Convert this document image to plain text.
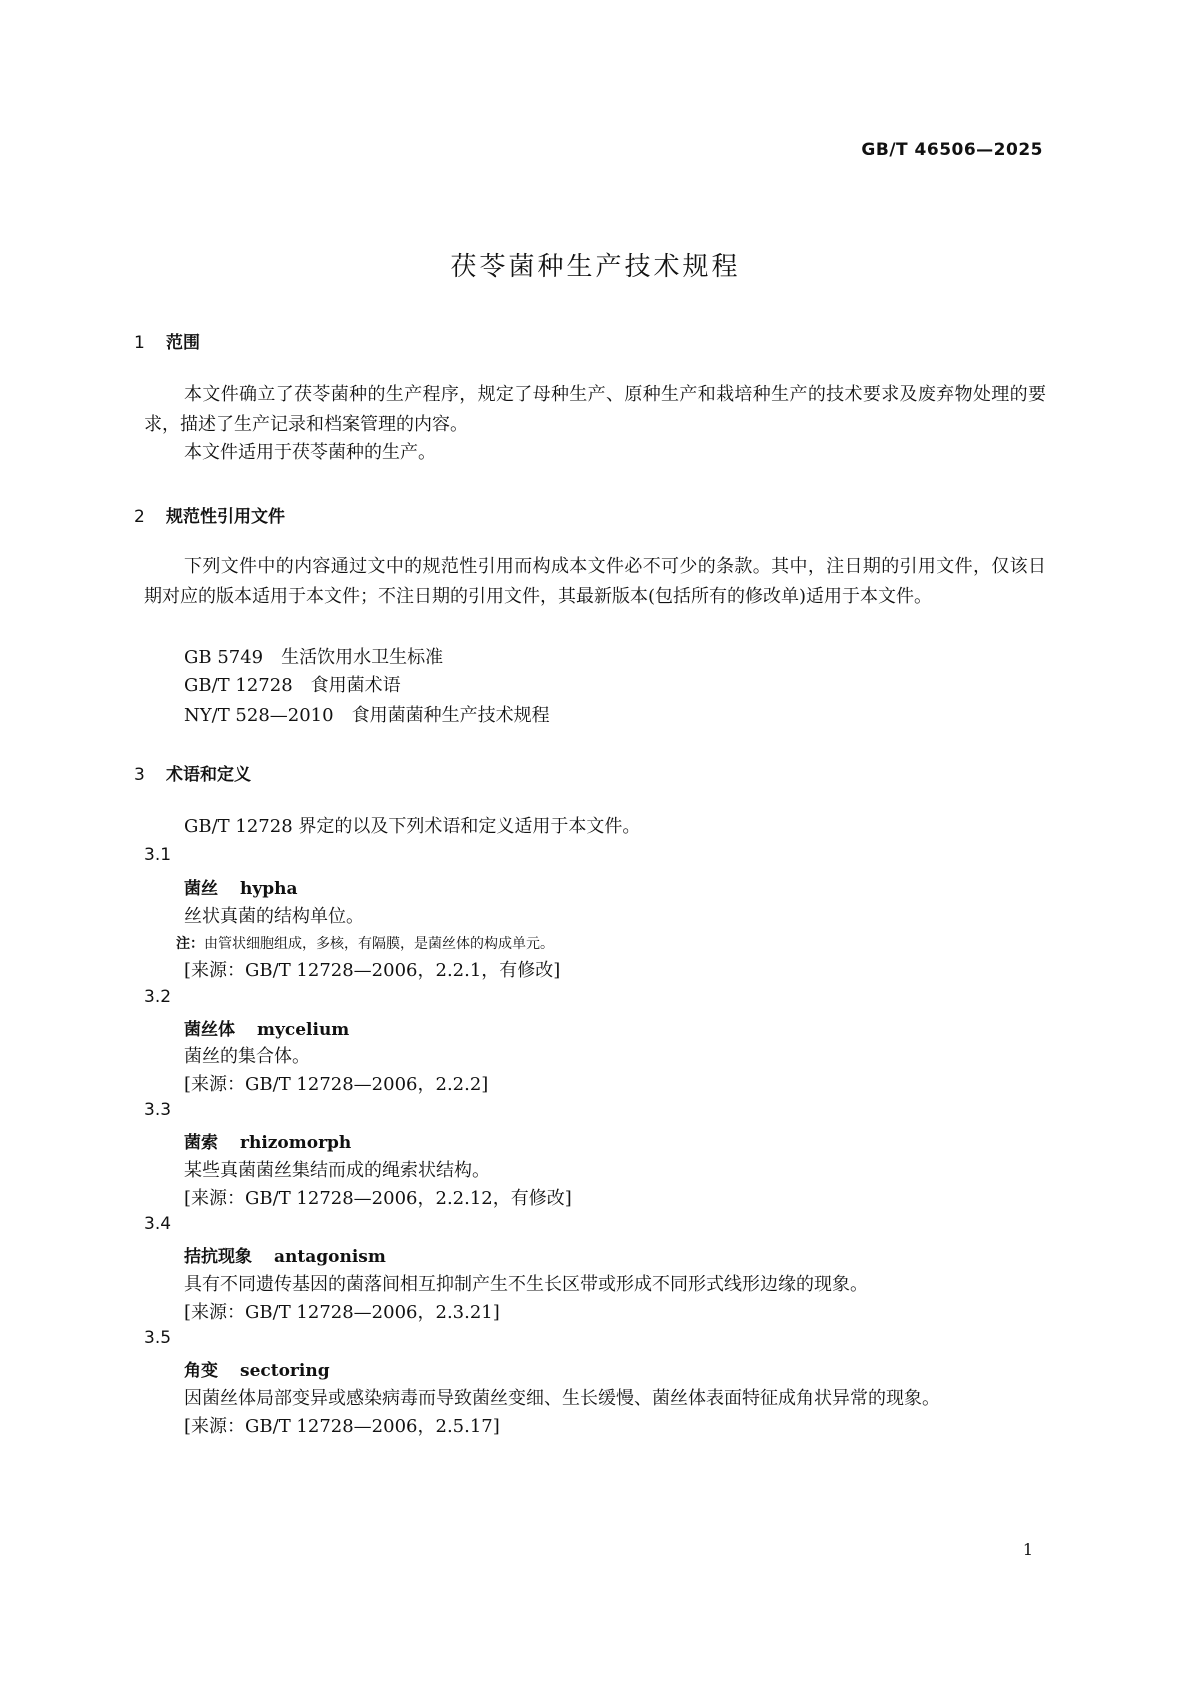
GB/T 46506—2025
茯苓菌种生产技术规程
1 范围
本文件确立了茯苓菌种的生产程序，规定了母种生产、原种生产和栽培种生产的技术要求及废弃物处理的要求，描述了生产记录和档案管理的内容。
本文件适用于茯苓菌种的生产。
2 规范性引用文件
下列文件中的内容通过文中的规范性引用而构成本文件必不可少的条款。其中，注日期的引用文件，仅该日期对应的版本适用于本文件；不注日期的引用文件，其最新版本(包括所有的修改单)适用于本文件。
GB 5749 生活饮用水卫生标准
GB/T 12728 食用菌术语
NY/T 528—2010 食用菌菌种生产技术规程
3 术语和定义
GB/T 12728 界定的以及下列术语和定义适用于本文件。
3.1
菌丝 hypha
丝状真菌的结构单位。
注：由管状细胞组成，多核，有隔膜，是菌丝体的构成单元。
[来源：GB/T 12728—2006，2.2.1，有修改]
3.2
菌丝体 mycelium
菌丝的集合体。
[来源：GB/T 12728—2006，2.2.2]
3.3
菌索 rhizomorph
某些真菌菌丝集结而成的绳索状结构。
[来源：GB/T 12728—2006，2.2.12，有修改]
3.4
拮抗现象 antagonism
具有不同遗传基因的菌落间相互抑制产生不生长区带或形成不同形式线形边缘的现象。
[来源：GB/T 12728—2006，2.3.21]
3.5
角变 sectoring
因菌丝体局部变异或感染病毒而导致菌丝变细、生长缓慢、菌丝体表面特征成角状异常的现象。
[来源：GB/T 12728—2006，2.5.17]
1
